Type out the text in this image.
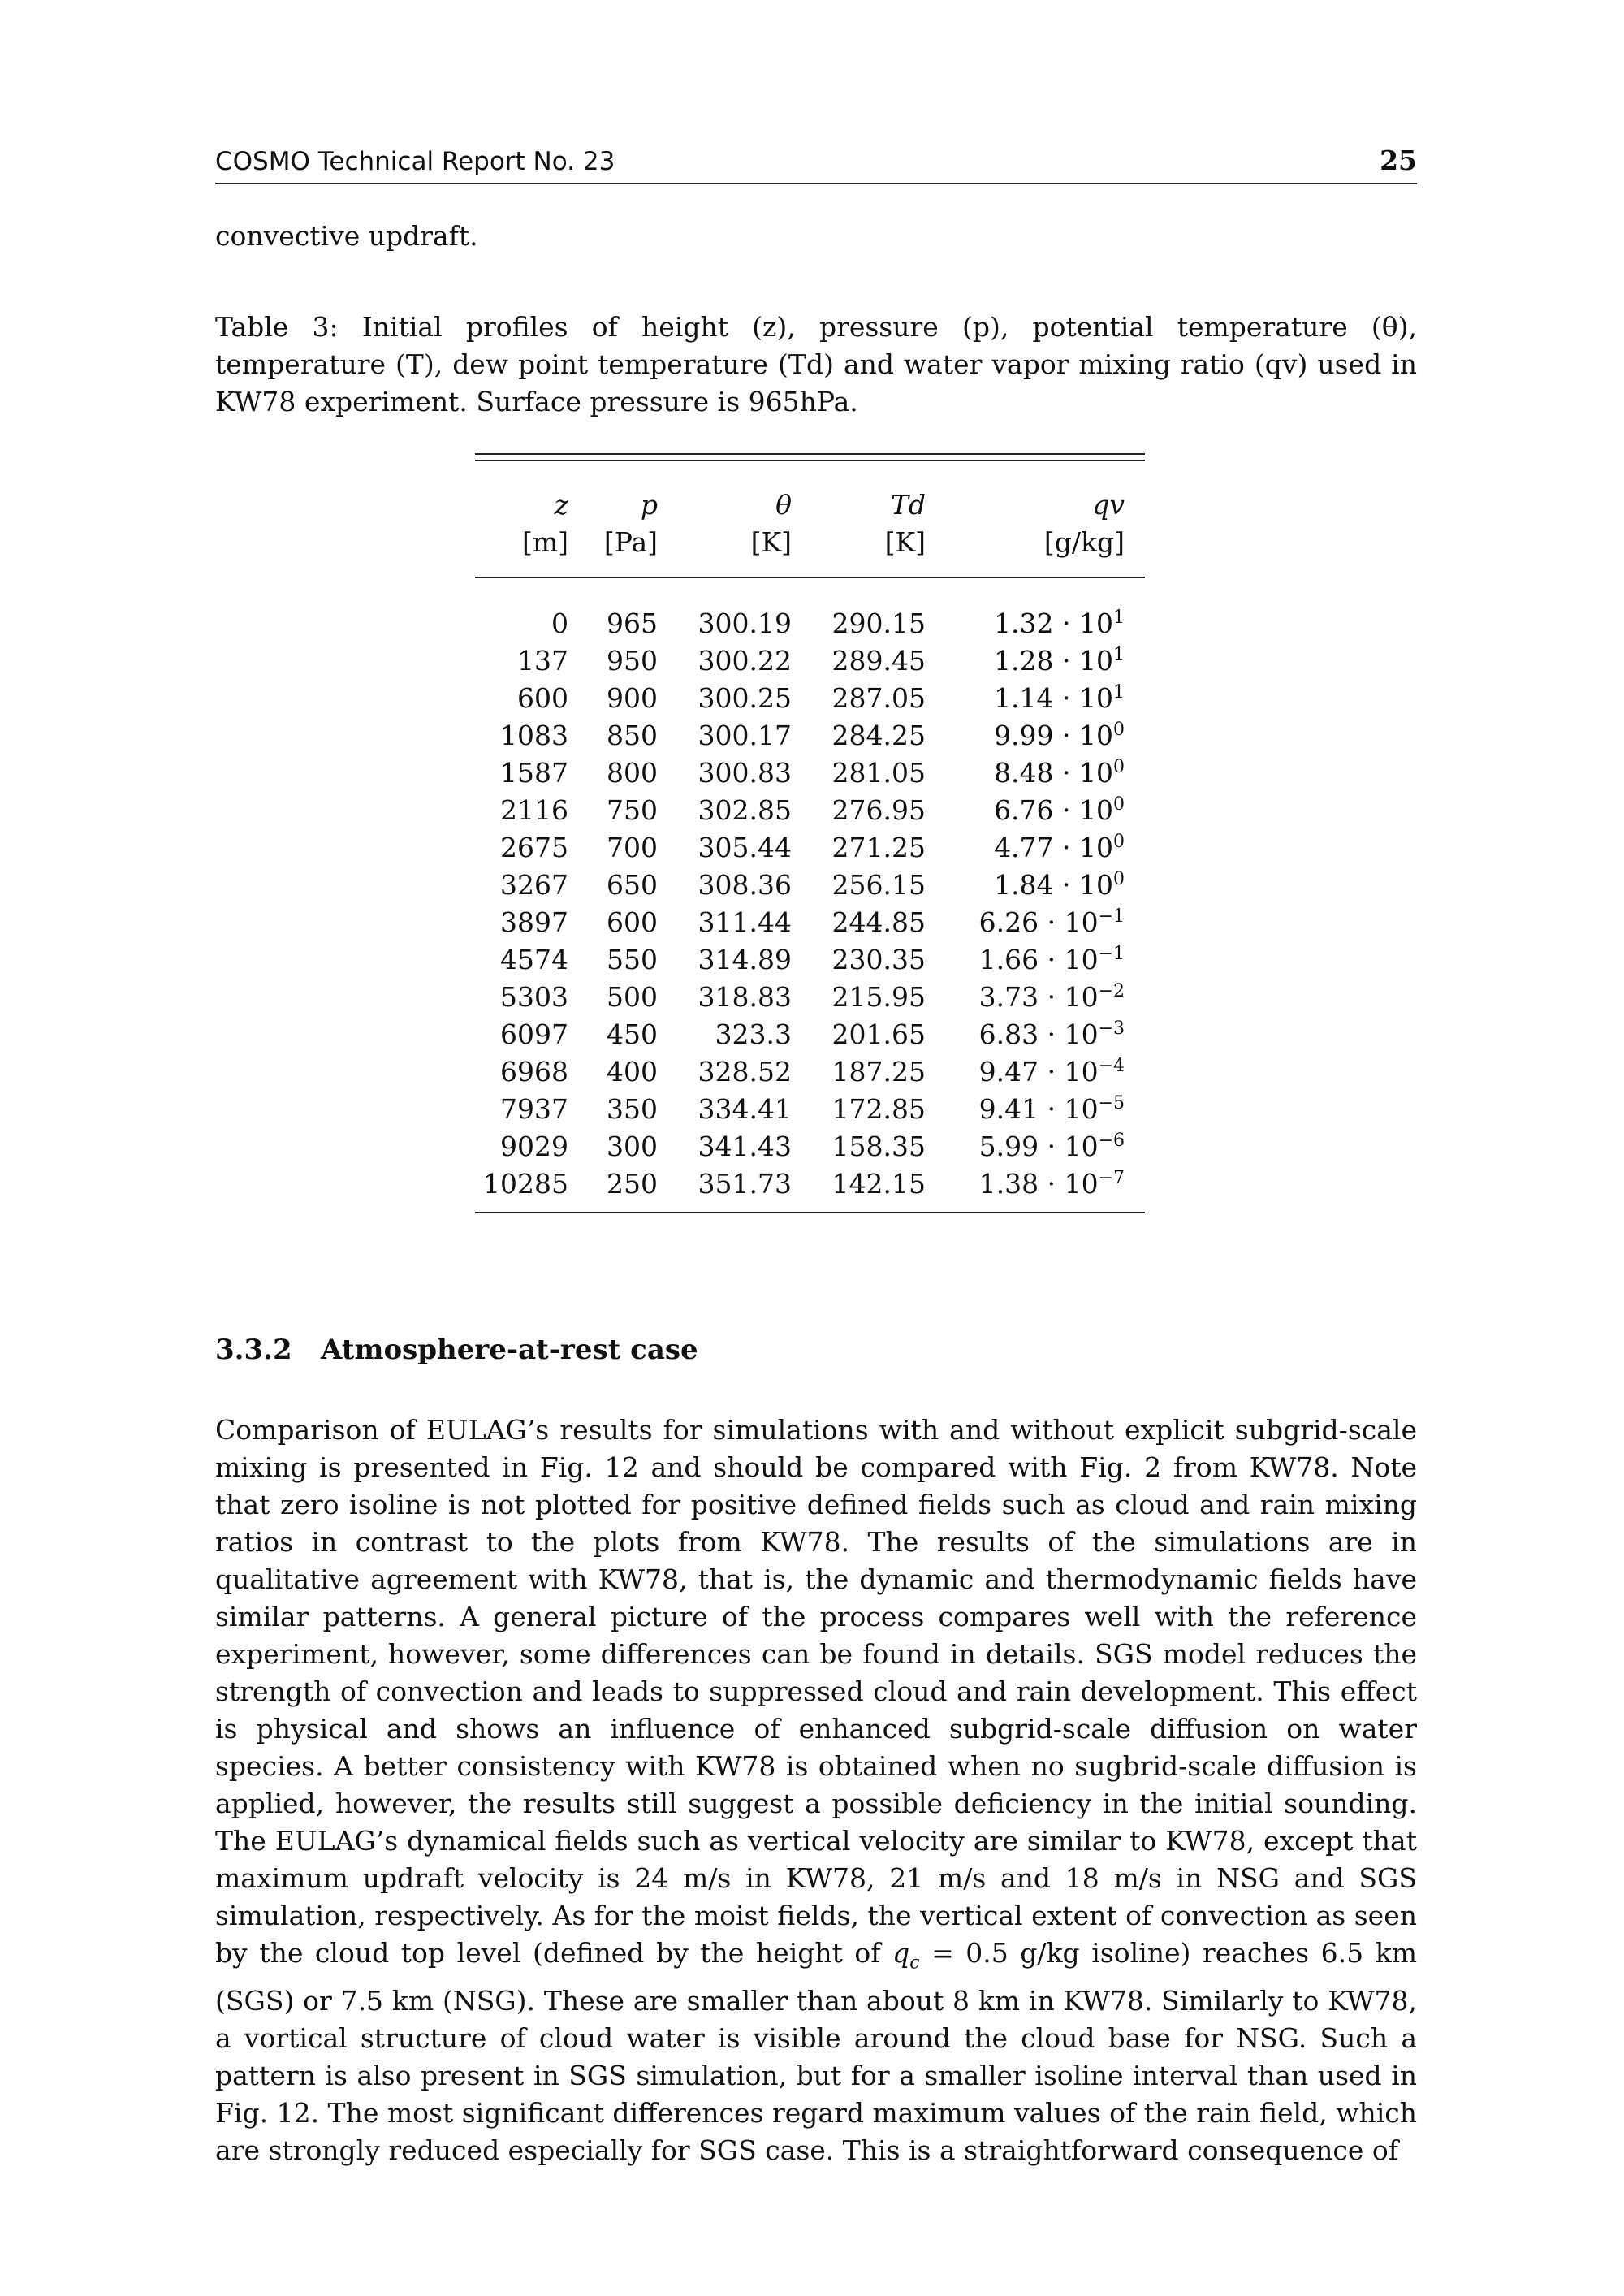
COSMO Technical Report No. 23	25
convective updraft.
Table 3: Initial profiles of height (z), pressure (p), potential temperature (θ), temperature (T), dew point temperature (Td) and water vapor mixing ratio (qv) used in KW78 experiment. Surface pressure is 965hPa.
z	p	θ	Td	qv
[m]	[Pa]	[K]	[K]	[g/kg]
0	965	300.19	290.15	$1.32 \cdot 10^1$
137	950	300.22	289.45	$1.28 \cdot 10^1$
600	900	300.25	287.05	$1.14 \cdot 10^1$
1083	850	300.17	284.25	$9.99 \cdot 10^0$
1587	800	300.83	281.05	$8.48 \cdot 10^0$
2116	750	302.85	276.95	$6.76 \cdot 10^0$
2675	700	305.44	271.25	$4.77 \cdot 10^0$
3267	650	308.36	256.15	$1.84 \cdot 10^0$
3897	600	311.44	244.85	$6.26 \cdot 10^{-1}$
4574	550	314.89	230.35	$1.66 \cdot 10^{-1}$
5303	500	318.83	215.95	$3.73 \cdot 10^{-2}$
6097	450	323.3	201.65	$6.83 \cdot 10^{-3}$
6968	400	328.52	187.25	$9.47 \cdot 10^{-4}$
7937	350	334.41	172.85	$9.41 \cdot 10^{-5}$
9029	300	341.43	158.35	$5.99 \cdot 10^{-6}$
10285	250	351.73	142.15	$1.38 \cdot 10^{-7}$
3.3.2 Atmosphere-at-rest case
Comparison of EULAG’s results for simulations with and without explicit subgrid-scale mixing is presented in Fig. 12 and should be compared with Fig. 2 from KW78. Note that zero isoline is not plotted for positive defined fields such as cloud and rain mixing ratios in contrast to the plots from KW78. The results of the simulations are in qualitative agreement with KW78, that is, the dynamic and thermodynamic fields have similar patterns. A general picture of the process compares well with the reference experiment, however, some differences can be found in details. SGS model reduces the strength of convection and leads to suppressed cloud and rain development. This effect is physical and shows an influence of enhanced subgrid-scale diffusion on water species. A better consistency with KW78 is obtained when no sugbrid-scale diffusion is applied, however, the results still suggest a possible deficiency in the initial sounding. The EULAG’s dynamical fields such as vertical velocity are similar to KW78, except that maximum updraft velocity is 24 m/s in KW78, 21 m/s and 18 m/s in NSG and SGS simulation, respectively. As for the moist fields, the vertical extent of convection as seen by the cloud top level (defined by the height of $q_c = 0.5$ g/kg isoline) reaches 6.5 km (SGS) or 7.5 km (NSG). These are smaller than about 8 km in KW78. Similarly to KW78, a vortical structure of cloud water is visible around the cloud base for NSG. Such a pattern is also present in SGS simulation, but for a smaller isoline interval than used in Fig. 12. The most significant differences regard maximum values of the rain field, which are strongly reduced especially for SGS case. This is a straightforward consequence of
